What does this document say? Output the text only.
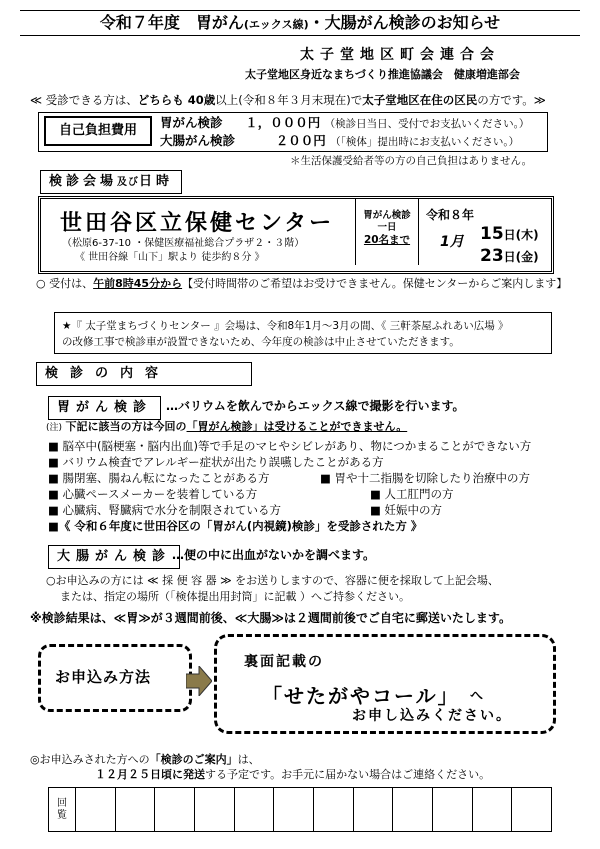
令和７年度　 胃がん(エックス線)・大腸がん検診のお知らせ
太子堂地区町会連合会
太子堂地区身近なまちづくり推進協議会　健康増進部会
≪ 受診できる方は、どちらも 40歳以上(令和８年３月末現在)で太子堂地区在住の区民の方です。≫
自己負担費用
胃がん検診 １，０００円 （検診日当日、受付でお支払いください。）
大腸がん検診	２００円 （「検体」提出時にお支払いください。）
＊生活保護受給者等の方の自己負担はありません。
検診会場及び日時
世田谷区立保健センター
（松原6-37-10 ・保健医療福祉総合プラザ２・３階）
《 世田谷線「山下」駅より 徒歩約８分 》
胃がん検診
一日
20名まで
令和８年
1月 15日(木)
23日(金)
○ 受付は、午前8時45分から【受付時間帯のご希望はお受けできません。保健センターからご案内します】
★『 太子堂まちづくりセンター 』会場は、令和8年1月～3月の間、《 三軒茶屋ふれあい広場 》
の改修工事で検診車が設置できないため、今年度の検診は中止させていただきます。
検診の内容
胃がん検診	…バリウムを飲んでからエックス線で撮影を行います。
(注) 下記に該当の方は今回の「胃がん検診」は受けることができません。
■ 脳卒中(脳梗塞・脳内出血)等で手足のマヒやシビレがあり、物につかまることができない方
■ バリウム検査でアレルギー症状が出たり誤嚥したことがある方
■ 腸閉塞、腸ねん転になったことがある方
■ 心臓ペースメーカーを装着している方
■ 心臓病、腎臓病で水分を制限されている方
■ 胃や十二指腸を切除したり治療中の方
■ 人工肛門の方
■ 妊娠中の方
■《 令和６年度に世田谷区の「胃がん(内視鏡)検診」を受診された方 》
大腸がん検診 …便の中に出血がないかを調べます。
○お申込みの方には ≪ 採 便 容 器 ≫ をお送りしますので、容器に便を採取して上記会場、
または、指定の場所（「検体提出用封筒」に記載 ）へご持参ください。
※検診結果は、≪胃≫が３週間前後、≪大腸≫は２週間前後でご自宅に郵送いたします。
お申込み方法
裏面記載の
「せたがやコール」 へ
お申し込みください。
◎お申込みされた方への「検診のご案内」は、
１２月２５日頃に発送する予定です。お手元に届かない場合はご連絡ください。
回
覧
